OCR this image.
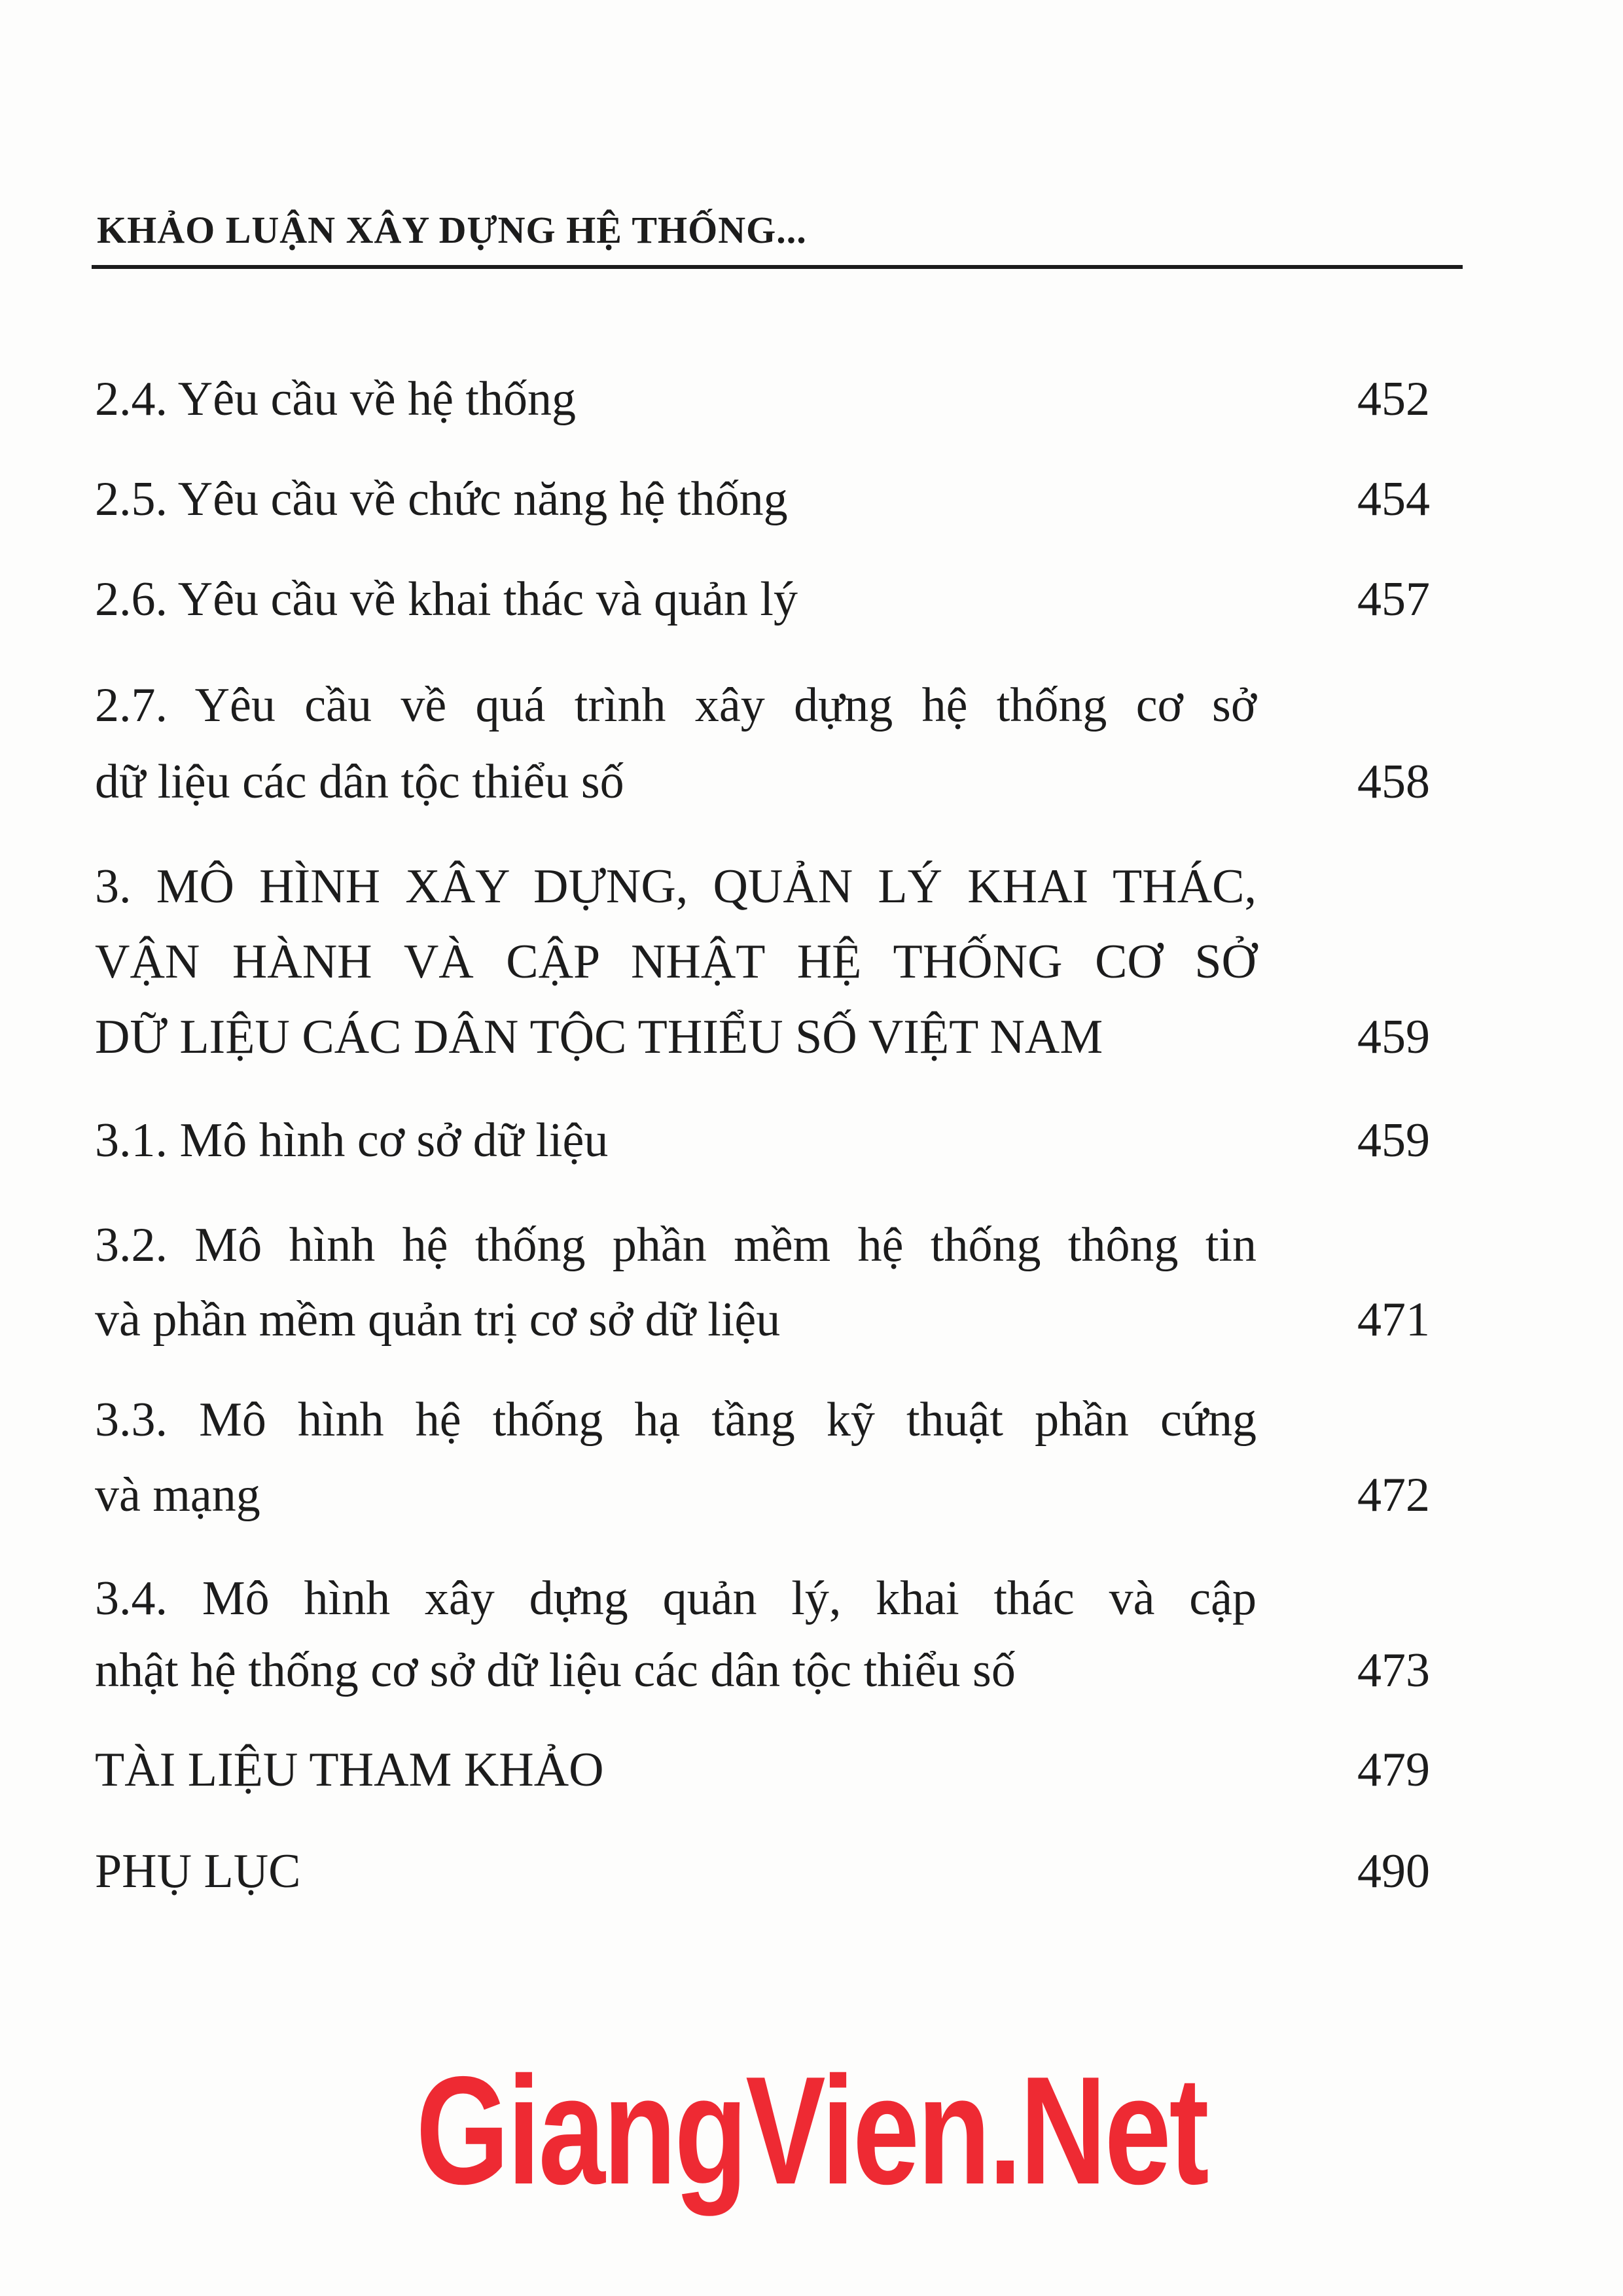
KHẢO LUẬN XÂY DỰNG HỆ THỐNG...
2.4. Yêu cầu về hệ thống	452
2.5. Yêu cầu về chức năng hệ thống	454
2.6. Yêu cầu về khai thác và quản lý	457
2.7. Yêu cầu về quá trình xây dựng hệ thống cơ sở
dữ liệu các dân tộc thiểu số	458
3. MÔ HÌNH XÂY DỰNG, QUẢN LÝ KHAI THÁC,
VẬN HÀNH VÀ CẬP NHẬT HỆ THỐNG CƠ SỞ
DỮ LIỆU CÁC DÂN TỘC THIỂU SỐ VIỆT NAM	459
3.1. Mô hình cơ sở dữ liệu	459
3.2. Mô hình hệ thống phần mềm hệ thống thông tin
và phần mềm quản trị cơ sở dữ liệu	471
3.3. Mô hình hệ thống hạ tầng kỹ thuật phần cứng
và mạng	472
3.4. Mô hình xây dựng quản lý, khai thác và cập
nhật hệ thống cơ sở dữ liệu các dân tộc thiểu số	473
TÀI LIỆU THAM KHẢO	479
PHỤ LỤC	490
GiangVien.Net
